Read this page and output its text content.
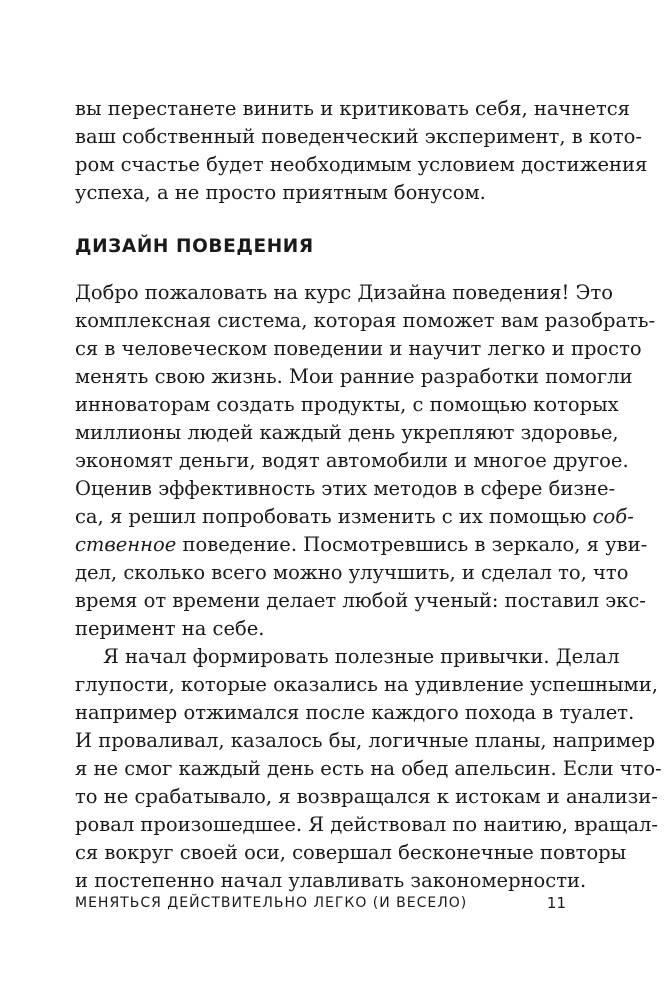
вы перестанете винить и критиковать себя, начнется
ваш собственный поведенческий эксперимент, в кото-
ром счастье будет необходимым условием достижения
успеха, а не просто приятным бонусом.
ДИЗАЙН ПОВЕДЕНИЯ
Добро пожаловать на курс Дизайна поведения! Это
комплексная система, которая поможет вам разобрать-
ся в человеческом поведении и научит легко и просто
менять свою жизнь. Мои ранние разработки помогли
инноваторам создать продукты, с помощью которых
миллионы людей каждый день укрепляют здоровье,
экономят деньги, водят автомобили и многое другое.
Оценив эффективность этих методов в сфере бизне-
са, я решил попробовать изменить с их помощью соб-
ственное поведение. Посмотревшись в зеркало, я уви-
дел, сколько всего можно улучшить, и сделал то, что
время от времени делает любой ученый: поставил экс-
перимент на себе.
Я начал формировать полезные привычки. Делал
глупости, которые оказались на удивление успешными,
например отжимался после каждого похода в туалет.
И проваливал, казалось бы, логичные планы, например
я не смог каждый день есть на обед апельсин. Если что-
то не срабатывало, я возвращался к истокам и анализи-
ровал произошедшее. Я действовал по наитию, вращал-
ся вокруг своей оси, совершал бесконечные повторы
и постепенно начал улавливать закономерности.
МЕНЯТЬСЯ ДЕЙСТВИТЕЛЬНО ЛЕГКО (И ВЕСЕЛО)	11
